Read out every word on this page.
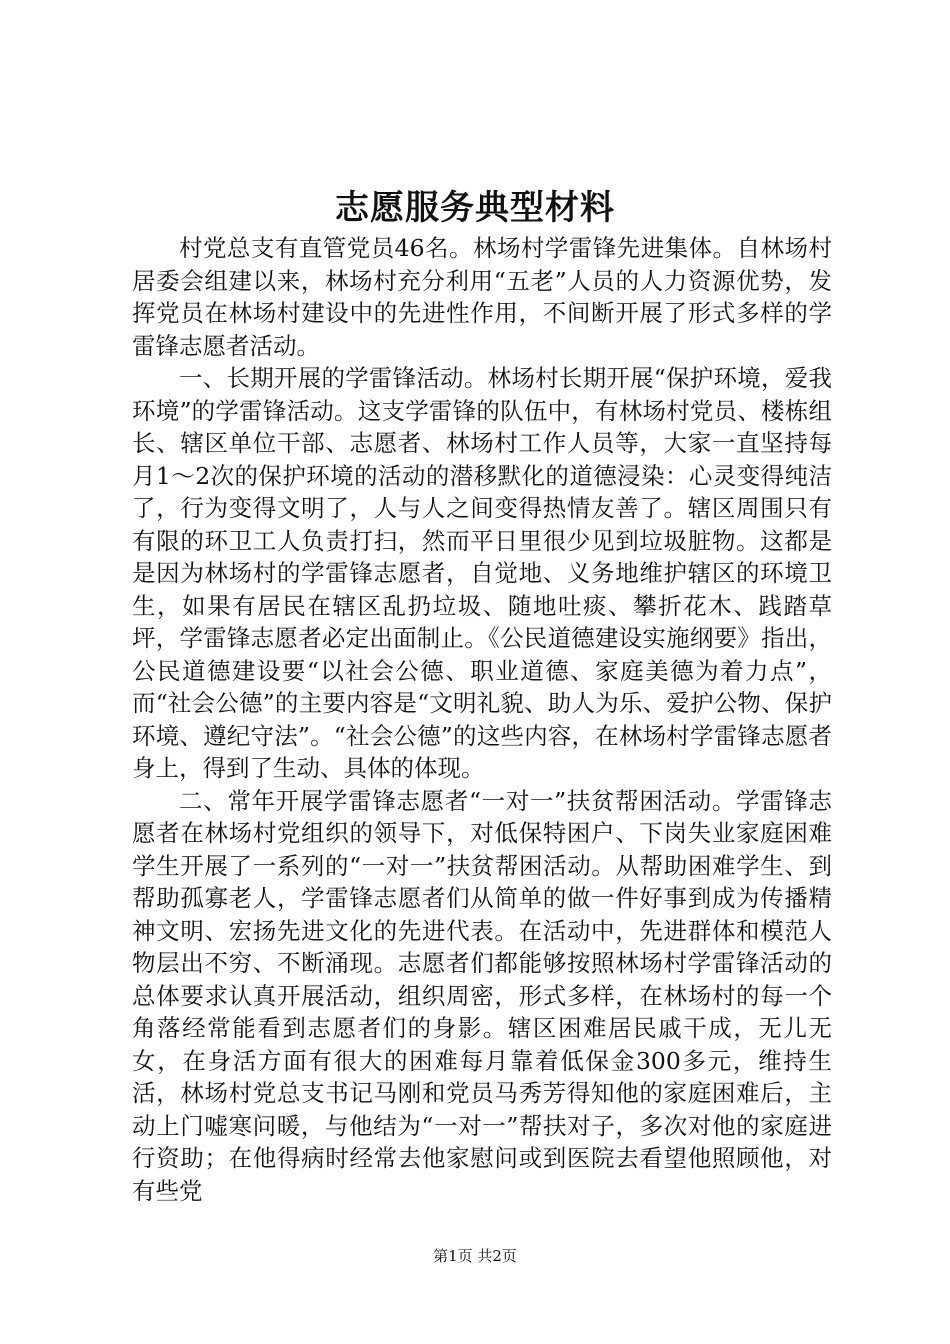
志愿服务典型材料

村党总支有直管党员46名。林场村学雷锋先进集体。自林场村居委会组建以来，林场村充分利用“五老”人员的人力资源优势，发挥党员在林场村建设中的先进性作用，不间断开展了形式多样的学雷锋志愿者活动。

一、长期开展的学雷锋活动。林场村长期开展“保护环境，爱我环境”的学雷锋活动。这支学雷锋的队伍中，有林场村党员、楼栋组长、辖区单位干部、志愿者、林场村工作人员等，大家一直坚持每月1～2次的保护环境的活动的潜移默化的道德浸染：心灵变得纯洁了，行为变得文明了，人与人之间变得热情友善了。辖区周围只有有限的环卫工人负责打扫，然而平日里很少见到垃圾脏物。这都是是因为林场村的学雷锋志愿者，自觉地、义务地维护辖区的环境卫生，如果有居民在辖区乱扔垃圾、随地吐痰、攀折花木、践踏草坪，学雷锋志愿者必定出面制止。《公民道德建设实施纲要》指出，公民道德建设要“以社会公德、职业道德、家庭美德为着力点”，而“社会公德”的主要内容是“文明礼貌、助人为乐、爱护公物、保护环境、遵纪守法”。“社会公德”的这些内容，在林场村学雷锋志愿者身上，得到了生动、具体的体现。

二、常年开展学雷锋志愿者“一对一”扶贫帮困活动。学雷锋志愿者在林场村党组织的领导下，对低保特困户、下岗失业家庭困难学生开展了一系列的“一对一”扶贫帮困活动。从帮助困难学生、到帮助孤寡老人，学雷锋志愿者们从简单的做一件好事到成为传播精神文明、宏扬先进文化的先进代表。在活动中，先进群体和模范人物层出不穷、不断涌现。志愿者们都能够按照林场村学雷锋活动的总体要求认真开展活动，组织周密，形式多样，在林场村的每一个角落经常能看到志愿者们的身影。辖区困难居民戚干成，无儿无女，在身活方面有很大的困难每月靠着低保金300多元，维持生活，林场村党总支书记马刚和党员马秀芳得知他的家庭困难后，主动上门嘘寒问暖，与他结为“一对一”帮扶对子，多次对他的家庭进行资助；在他得病时经常去他家慰问或到医院去看望他照顾他，对有些党

第1页 共2页
